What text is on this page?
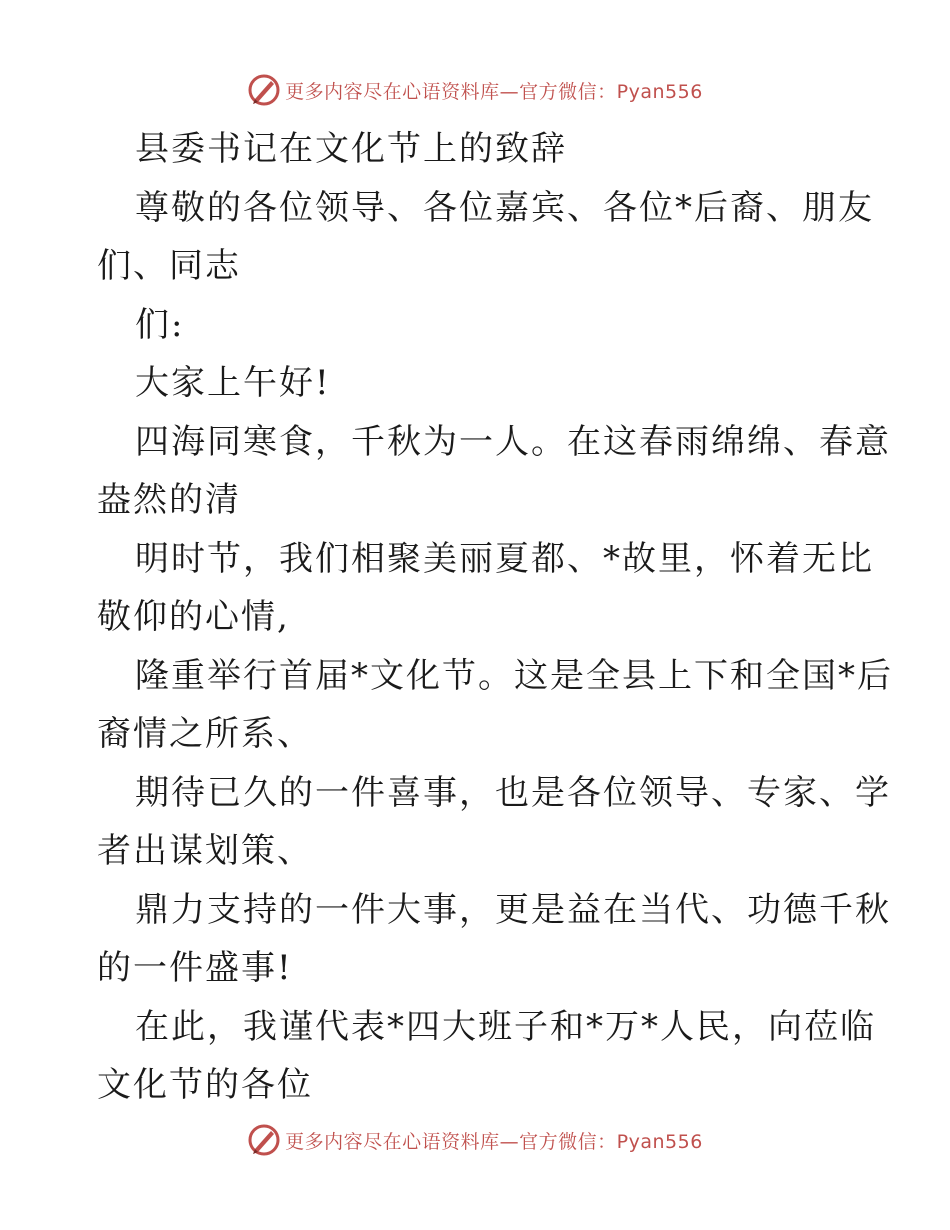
更多内容尽在心语资料库—官方微信：Pyan556
县委书记在文化节上的致辞
尊敬的各位领导、各位嘉宾、各位*后裔、朋友
们、同志
们:
大家上午好!
四海同寒食，千秋为一人。在这春雨绵绵、春意
盎然的清
明时节，我们相聚美丽夏都、*故里，怀着无比
敬仰的心情,
隆重举行首届*文化节。这是全县上下和全国*后
裔情之所系、
期待已久的一件喜事，也是各位领导、专家、学
者出谋划策、
鼎力支持的一件大事，更是益在当代、功德千秋
的一件盛事!
在此，我谨代表*四大班子和*万*人民，向莅临
文化节的各位
更多内容尽在心语资料库—官方微信：Pyan556
